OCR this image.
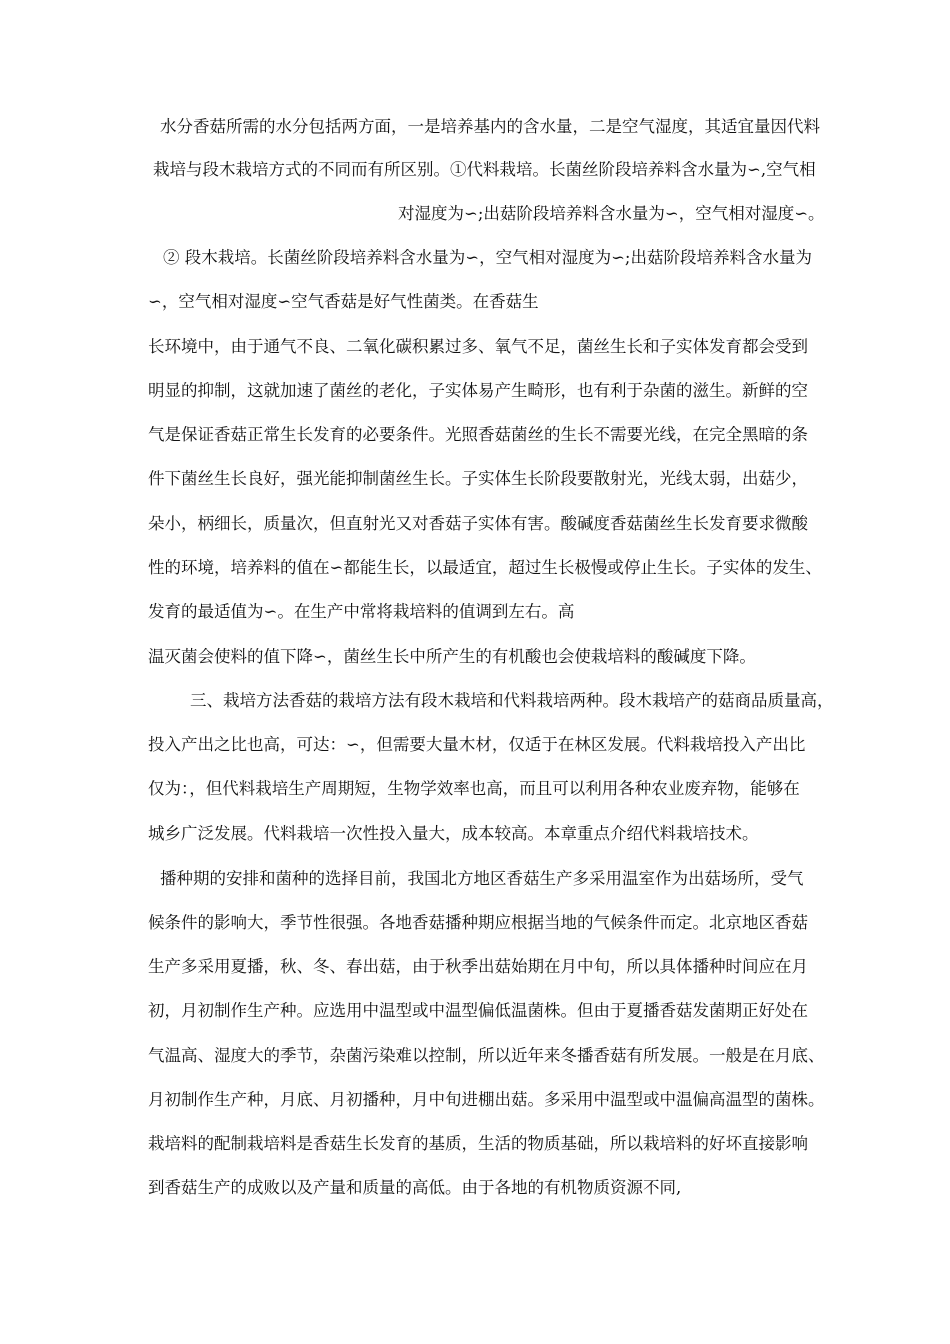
水分香菇所需的水分包括两方面，一是培养基内的含水量，二是空气湿度，其适宜量因代料
栽培与段木栽培方式的不同而有所区别。①代料栽培。长菌丝阶段培养料含水量为∽,空气相
对湿度为∽;出菇阶段培养料含水量为∽，空气相对湿度∽。
② 段木栽培。长菌丝阶段培养料含水量为∽，空气相对湿度为∽;出菇阶段培养料含水量为
∽，空气相对湿度∽空气香菇是好气性菌类。在香菇生
长环境中，由于通气不良、二氧化碳积累过多、氧气不足，菌丝生长和子实体发育都会受到
明显的抑制，这就加速了菌丝的老化，子实体易产生畸形，也有利于杂菌的滋生。新鲜的空
气是保证香菇正常生长发育的必要条件。光照香菇菌丝的生长不需要光线，在完全黑暗的条
件下菌丝生长良好，强光能抑制菌丝生长。子实体生长阶段要散射光，光线太弱，出菇少，
朵小，柄细长，质量次，但直射光又对香菇子实体有害。酸碱度香菇菌丝生长发育要求微酸
性的环境，培养料的值在∽都能生长，以最适宜，超过生长极慢或停止生长。子实体的发生、
发育的最适值为∽。在生产中常将栽培料的值调到左右。高
温灭菌会使料的值下降∽，菌丝生长中所产生的有机酸也会使栽培料的酸碱度下降。
三、栽培方法香菇的栽培方法有段木栽培和代料栽培两种。段木栽培产的菇商品质量高，
投入产出之比也高，可达：∽，但需要大量木材，仅适于在林区发展。代料栽培投入产出比
仅为：，但代料栽培生产周期短，生物学效率也高，而且可以利用各种农业废弃物，能够在
城乡广泛发展。代料栽培一次性投入量大，成本较高。本章重点介绍代料栽培技术。
播种期的安排和菌种的选择目前，我国北方地区香菇生产多采用温室作为出菇场所，受气
候条件的影响大，季节性很强。各地香菇播种期应根据当地的气候条件而定。北京地区香菇
生产多采用夏播，秋、冬、春出菇，由于秋季出菇始期在月中旬，所以具体播种时间应在月
初，月初制作生产种。应选用中温型或中温型偏低温菌株。但由于夏播香菇发菌期正好处在
气温高、湿度大的季节，杂菌污染难以控制，所以近年来冬播香菇有所发展。一般是在月底、
月初制作生产种，月底、月初播种，月中旬进棚出菇。多采用中温型或中温偏高温型的菌株。
栽培料的配制栽培料是香菇生长发育的基质，生活的物质基础，所以栽培料的好坏直接影响
到香菇生产的成败以及产量和质量的高低。由于各地的有机物质资源不同,
